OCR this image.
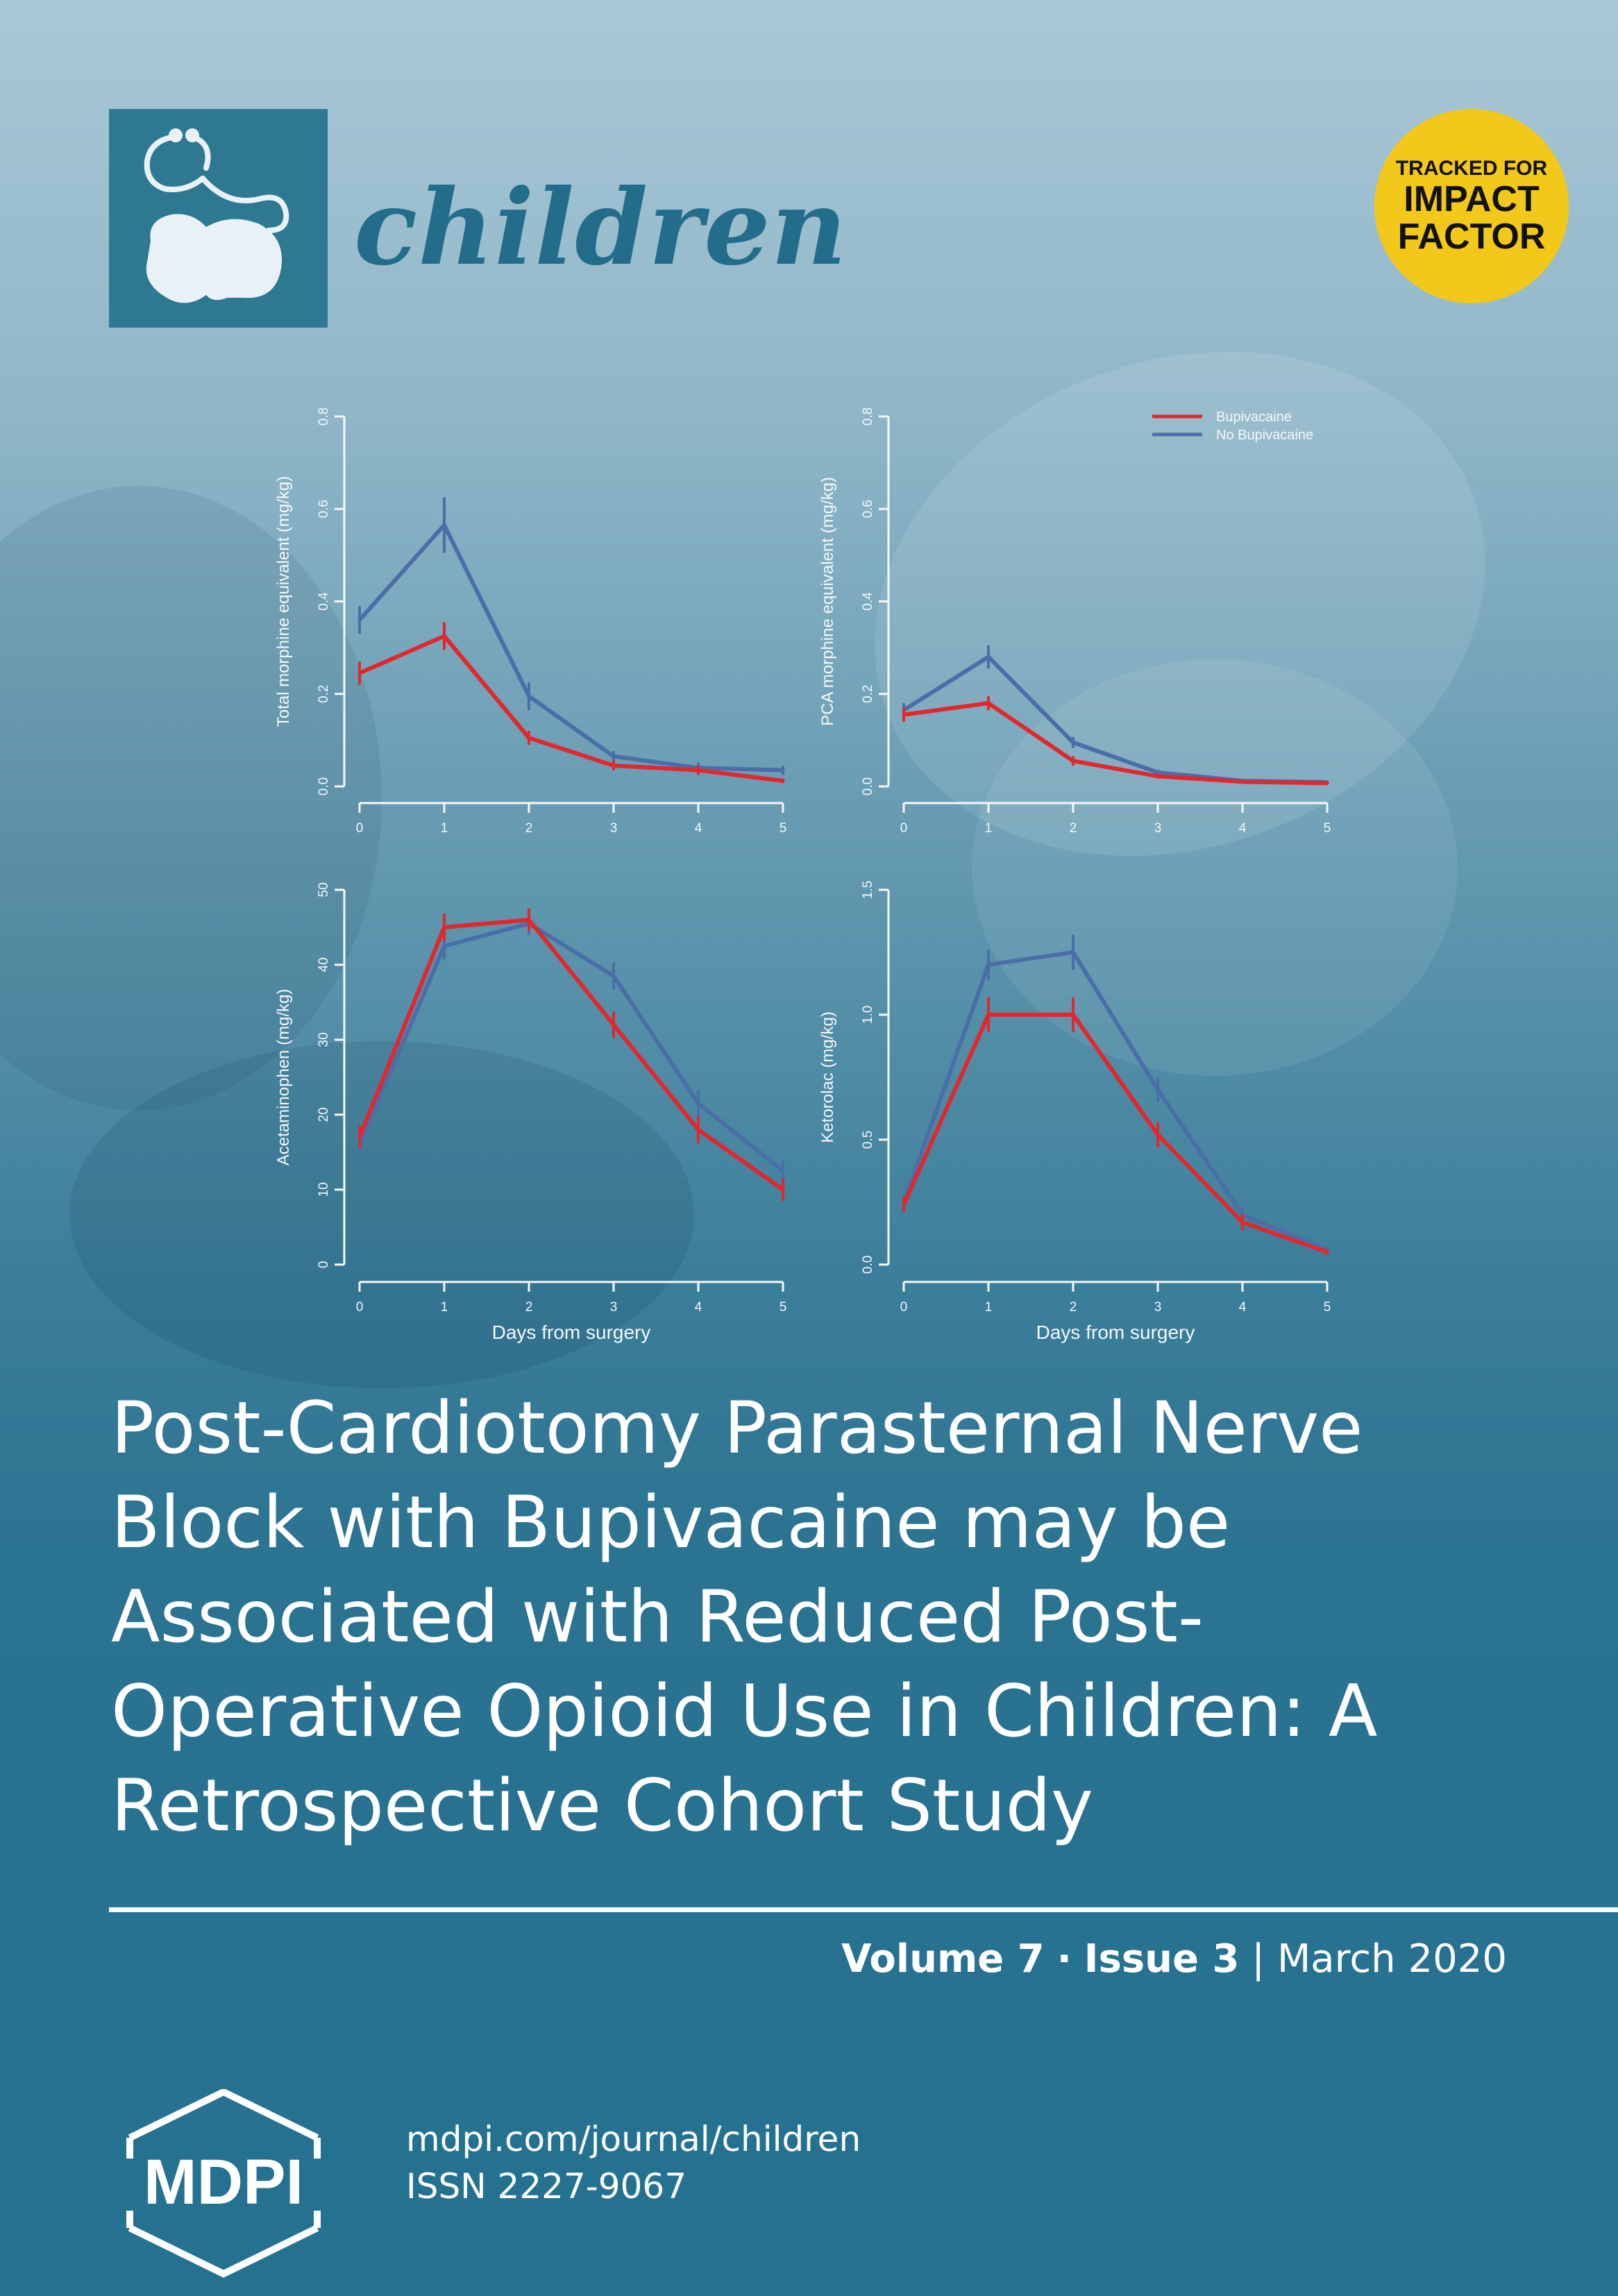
children	TRACKED FOR
IMPACT
FACTOR
0.0
0.2
0.4
0.6
0.8
Total morphine equivalent (mg/kg)
0	1	2	3	4	5
0.0
0.2
0.4
0.6
0.8
PCA morphine equivalent (mg/kg)
0	1	2	3	4	5
Bupivacaine
No Bupivacaine
0
10
20
30
40
50
Acetaminophen (mg/kg)
0	1	2	3	4	5
Days from surgery
0.0
0.5
1.0
1.5
Ketorolac (mg/kg)
0	1	2	3	4	5
Days from surgery
Post-Cardiotomy Parasternal Nerve Block with Bupivacaine may be Associated with Reduced Post-Operative Opioid Use in Children: A Retrospective Cohort Study

Volume 7 · Issue 3 | March 2020

MDPI
mdpi.com/journal/children
ISSN 2227-9067
